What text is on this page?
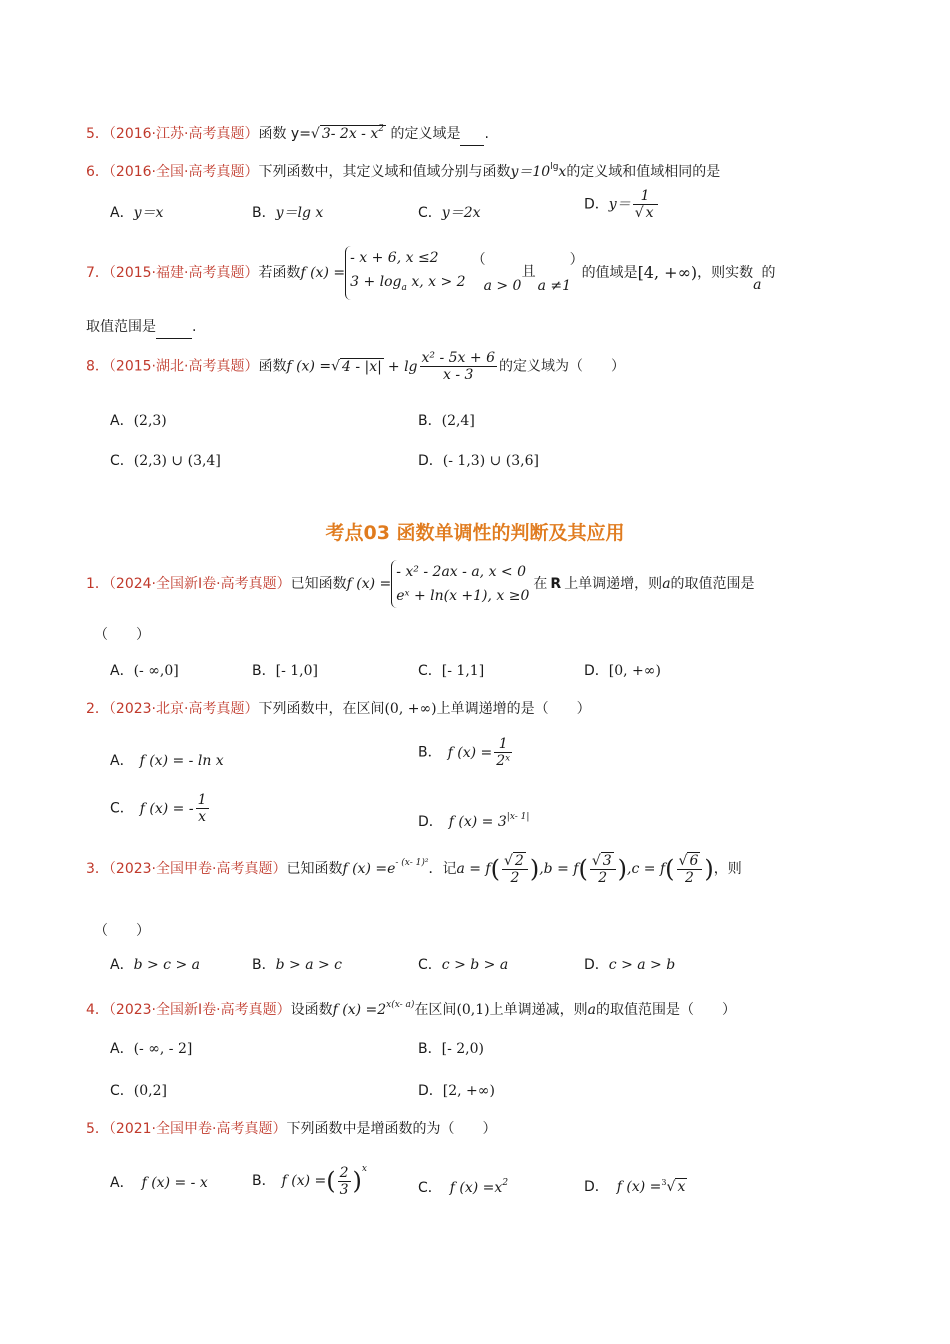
5．（2016·江苏·高考真题）函数 y=√ 3- $2x - x^2$ 的定义域是 .
6．（2016·全国·高考真题）下列函数中，其定义域和值域分别与函数$y=10^{lg}x$的定义域和值域相同的是
A．y＝x	B．y＝lg x	C．y＝2x
D．$y= \frac{1}{√ x}$
7．（2015·福建·高考真题）若函数f (x) =
- x + 6, x ≤2
$3 + \log_a x$, x > 2
（
a > 0
且
a ≠1
）
的值域是[4, +∞)，则实数a的
取值范围是	.
8．（2015·湖北·高考真题）函数f (x) =√ $4 - |x| + \lg \frac{\text{x² - 5x + 6}}{x - 3}$ 的定义域为（　　）
A．(2,3)	B．(2,4]
C．(2,3) ∪ (3,4]	D．(- 1,3) ∪ (3,6]
考点03 函数单调性的判断及其应用
1．（2024·全国新Ⅰ卷·高考真题）已知函数f (x) =
- x² - 2ax - a, x < 0
eˣ + ln(x +1), x ≥0
在 R 上单调递增，则a的取值范围是
（　　）
A．(- ∞,0]	B．[- 1,0]	C．[- 1,1]	D．[0, +∞)
2．（2023·北京·高考真题）下列函数中，在区间(0, +∞)上单调递增的是（　　）
A． f (x) = - ln x
B． f $(x) = \frac{1}{\text{2ˣ}}$
C． f (x) = - $\frac{1}{x}$	D． f $(x) = 3^{|x- 1|}$
3．（2023·全国甲卷·高考真题）已知函数f $(x) =e^{- (x- 1)^2}$．记$a = f( \frac{√ 2}{2} ),b = f( \frac{√ 3}{2} ),c = f( \frac{√ 6}{2}$ )，则
（　　）
A．b > c > a	B．b > a > c	C．c > b > a	D．c > a > b
4．（2023·全国新Ⅰ卷·高考真题）设函数f $(x) =2^{x(x- a)}$在区间(0,1)上单调递减，则a的取值范围是（　　）
A．(- ∞, - 2]	B．[- 2,0)
C．(0,2]	D．[2, +∞)
5．（2021·全国甲卷·高考真题）下列函数中是增函数的为（　　）
A． f (x) = - x	B． f (x) =( $\frac{2}{3} )^x$
C． f $(x) =x^2$	D． f (x) =$^3$√ x
